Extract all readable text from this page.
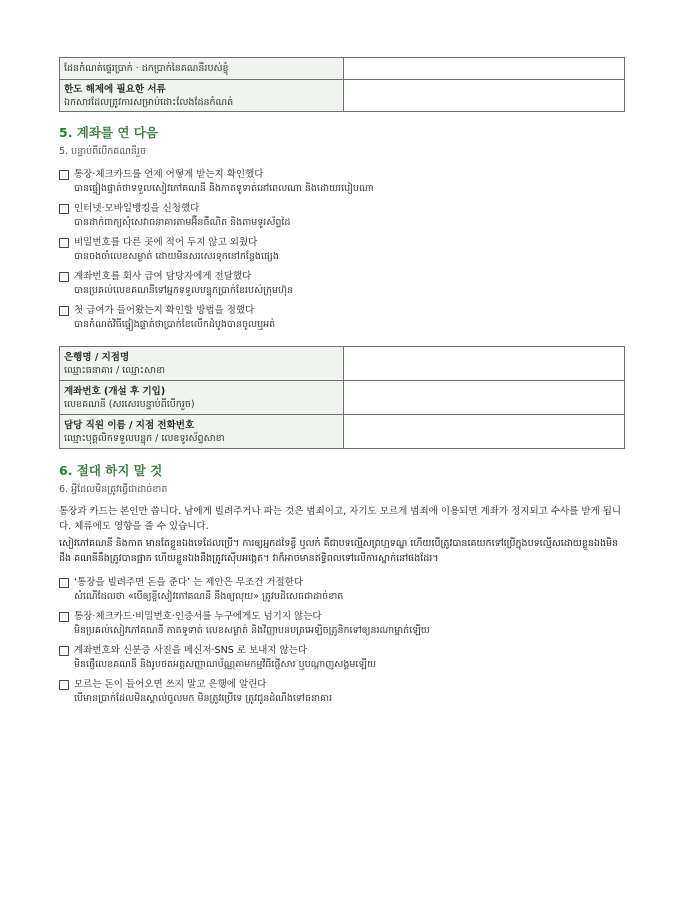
ដែនកំណត់ផ្ទេរប្រាក់ · ដកប្រាក់នៃគណនីរបស់ខ្ញុំ	

한도 해제에 필요한 서류
ឯកសារដែលត្រូវការសម្រាប់ដោះលែងដែនកំណត់	

5. 계좌를 연 다음
5. បន្ទាប់ពីបើកគណនីរួច
통장·체크카드를 언제 어떻게 받는지 확인했다
បានផ្ទៀងផ្ទាត់ថាទទួលសៀវភៅគណនី និងកាតទូទាត់នៅពេលណា និងដោយរបៀបណា
인터넷·모바일뱅킹을 신청했다
បានដាក់ពាក្យសុំសេវាធនាគារតាមអ៊ីនធឺណិត និងតាមទូរស័ព្ទដៃ
비밀번호를 다른 곳에 적어 두지 않고 외웠다
បានចងចាំលេខសម្ងាត់ ដោយមិនសរសេរទុកនៅកន្លែងផ្សេង
계좌번호를 회사 급여 담당자에게 전달했다
បានប្រគល់លេខគណនីទៅអ្នកទទួលបន្ទុកប្រាក់ខែរបស់ក្រុមហ៊ុន
첫 급여가 들어왔는지 확인할 방법을 정했다
បានកំណត់វិធីផ្ទៀងផ្ទាត់ថាប្រាក់ខែលើកដំបូងបានចូលឬអត់
은행명 / 지점명
ឈ្មោះធនាគារ / ឈ្មោះសាខា	

계좌번호 (개설 후 기입)
លេខគណនី (សរសេរបន្ទាប់ពីបើករួច)	

담당 직원 이름 / 지점 전화번호
ឈ្មោះបុគ្គលិកទទួលបន្ទុក / លេខទូរស័ព្ទសាខា	

6. 절대 하지 말 것
6. អ្វីដែលមិនត្រូវធ្វើជាដាច់ខាត
통장과 카드는 본인만 씁니다. 남에게 빌려주거나 파는 것은 범죄이고, 자기도 모르게 범죄에 이용되면 계좌가 정지되고 수사를 받게 됩니다. 체류에도 영향을 줄 수 있습니다.
សៀវភៅគណនី និងកាត មានតែខ្លួនឯងទេដែលប្រើ។ ការឲ្យអ្នកដទៃខ្ចី ឬលក់ គឺជាបទល្មើសព្រហ្មទណ្ឌ ហើយបើត្រូវបានគេយកទៅប្រើក្នុងបទល្មើសដោយខ្លួនឯងមិនដឹង គណនីនឹងត្រូវបានផ្អាក ហើយខ្លួនឯងនឹងត្រូវស៊ើបអង្កេត។ វាក៏អាចមានឥទ្ធិពលទៅលើការស្នាក់នៅផងដែរ។
‘통장을 빌려주면 돈을 준다’ 는 제안은 무조건 거절한다
សំណើដែលថា «បើឲ្យខ្ចីសៀវភៅគណនី នឹងឲ្យលុយ» ត្រូវបដិសេធជាដាច់ខាត
통장·체크카드·비밀번호·인증서를 누구에게도 넘기지 않는다
មិនប្រគល់សៀវភៅគណនី កាតទូទាត់ លេខសម្ងាត់ និងវិញ្ញាបនបត្រអេឡិចត្រូនិកទៅឲ្យនរណាម្នាក់ឡើយ
계좌번호와 신분증 사진을 메신저·SNS 로 보내지 않는다
មិនផ្ញើលេខគណនី និងរូបថតអត្តសញ្ញាណប័ណ្ណតាមកម្មវិធីផ្ញើសារ ឬបណ្ដាញសង្គមឡើយ
모르는 돈이 들어오면 쓰지 말고 은행에 알린다
បើមានប្រាក់ដែលមិនស្គាល់ចូលមក មិនត្រូវប្រើទេ ត្រូវជូនដំណឹងទៅធនាគារ
